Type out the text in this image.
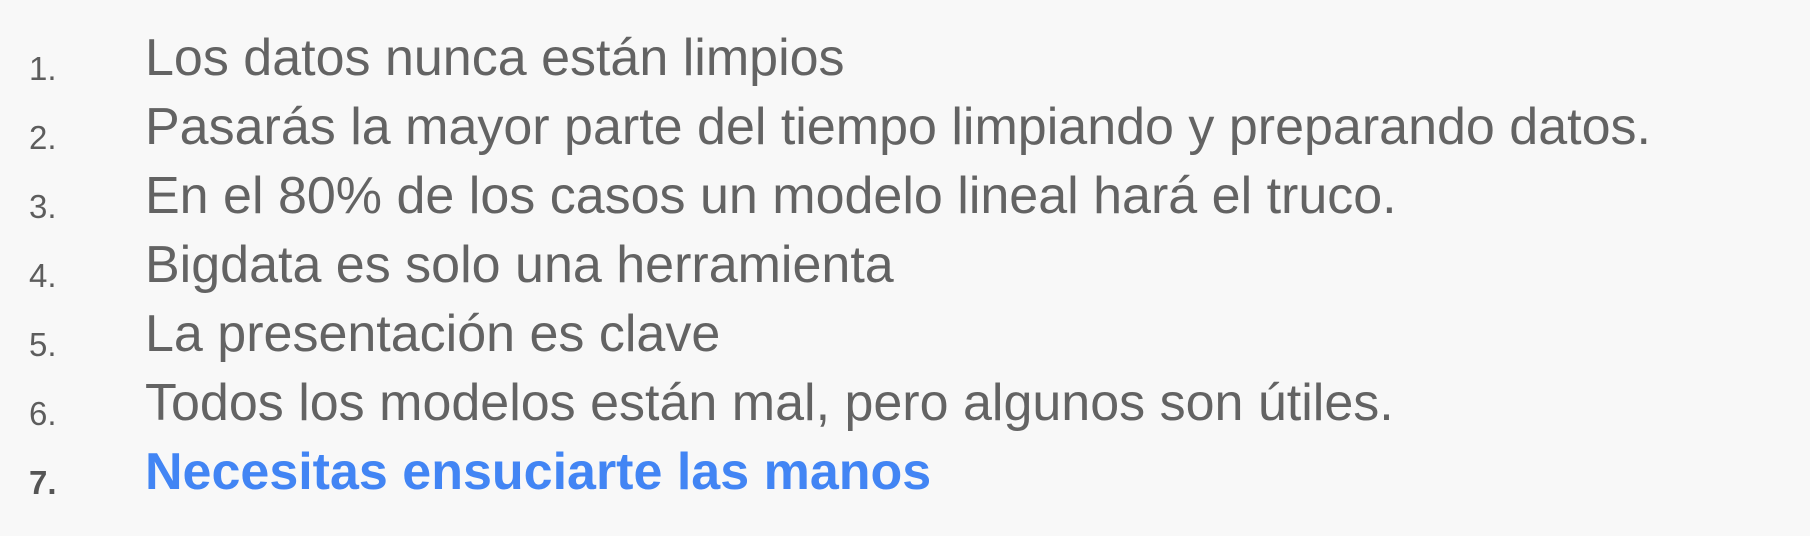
1. Los datos nunca están limpios
2. Pasarás la mayor parte del tiempo limpiando y preparando datos.
3. En el 80% de los casos un modelo lineal hará el truco.
4. Bigdata es solo una herramienta
5. La presentación es clave
6. Todos los modelos están mal, pero algunos son útiles.
7. Necesitas ensuciarte las manos
